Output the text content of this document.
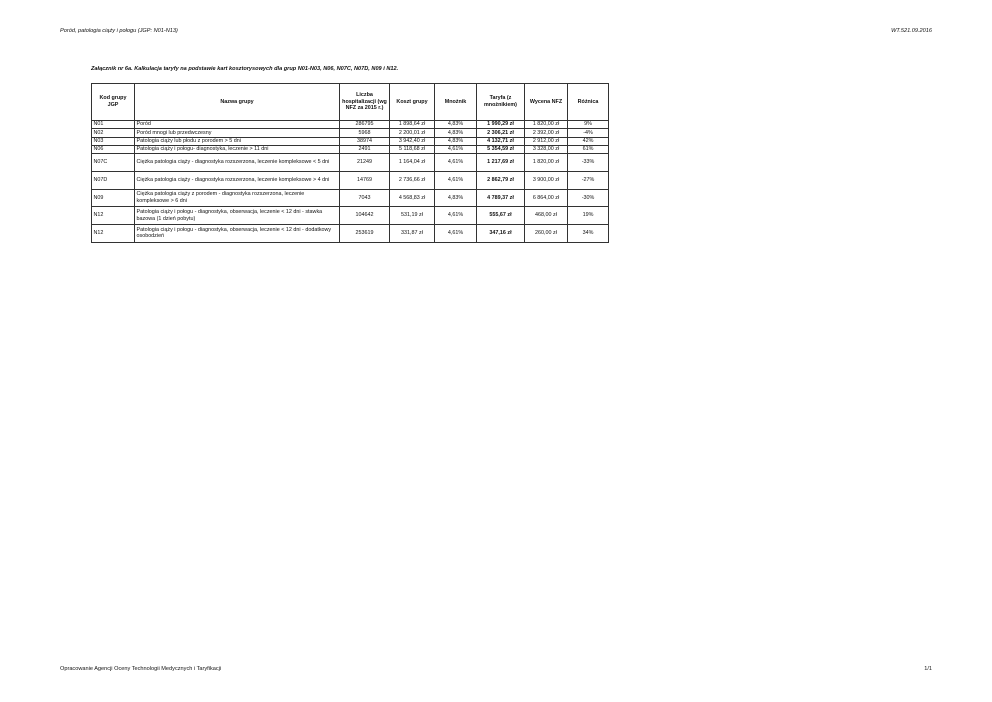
Poród, patologia ciąży i połogu (JGP: N01-N13)	WT.521.09.2016
Załącznik nr 6a. Kalkulacja taryfy na podstawie kart kosztorysowych dla grup N01-N03, N06, N07C, N07D, N09 i N12.
Kod grupy JGP	Nazwa grupy	Liczba hospitalizacji (wg NFZ za 2015 r.)	Koszt grupy	Mnożnik	Taryfa (z mnożnikiem)	Wycena NFZ	Różnica
N01	Poród	286795	1 898,64 zł	4,83%	1 990,29 zł	1 820,00 zł	9%
N02	Poród mnogi lub przedwczesny	5968	2 200,01 zł	4,83%	2 306,21 zł	2 392,00 zł	-4%
N03	Patologia ciąży lub płodu z porodem > 5 dni	38974	3 942,40 zł	4,83%	4 132,71 zł	2 912,00 zł	42%
N06	Patologia ciąży i połogu- diagnostyka, leczenie > 11 dni	2491	5 118,68 zł	4,61%	5 354,59 zł	3 328,00 zł	61%
N07C	Ciężka patologia ciąży - diagnostyka rozszerzona, leczenie kompleksowe < 5 dni	21249	1 164,04 zł	4,61%	1 217,69 zł	1 820,00 zł	-33%
N07D	Ciężka patologia ciąży - diagnostyka rozszerzona, leczenie kompleksowe > 4 dni	14769	2 736,66 zł	4,61%	2 862,79 zł	3 900,00 zł	-27%
N09	Ciężka patologia ciąży z porodem - diagnostyka rozszerzona, leczenie kompleksowe > 6 dni	7043	4 568,83 zł	4,83%	4 789,37 zł	6 864,00 zł	-30%
N12	Patologia ciąży i połogu - diagnostyka, obserwacja, leczenie < 12 dni - stawka bazowa (1 dzień pobytu)	104642	531,19 zł	4,61%	555,67 zł	468,00 zł	19%
N12	Patologia ciąży i połogu - diagnostyka, obserwacja, leczenie < 12 dni - dodatkowy osobodzień	253619	331,87 zł	4,61%	347,16 zł	260,00 zł	34%
Opracowanie Agencji Oceny Technologii Medycznych i Taryfikacji	1/1
